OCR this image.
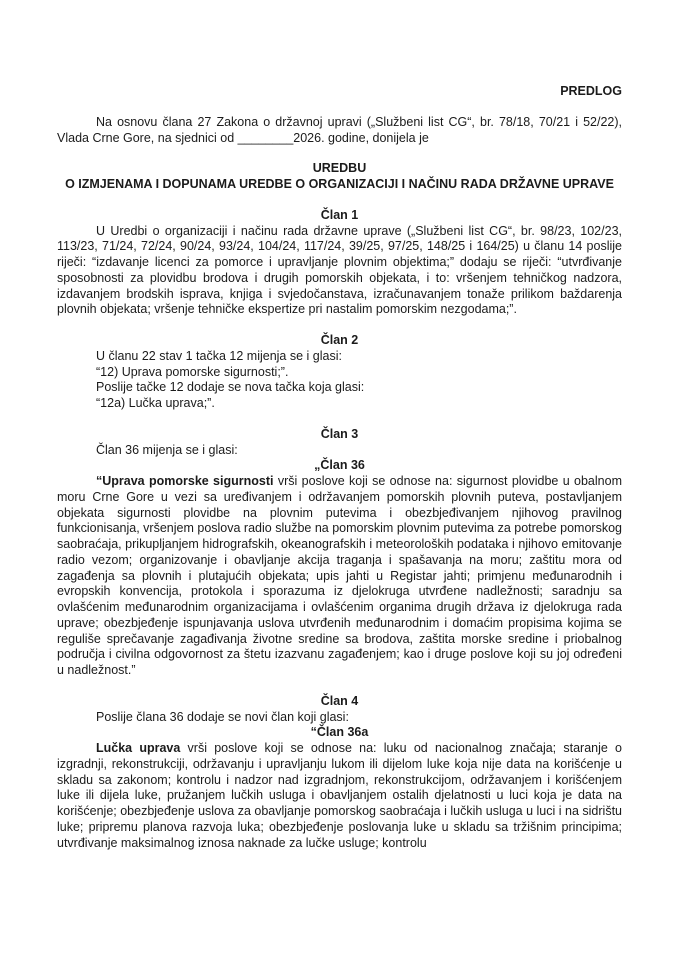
PREDLOG

Na osnovu člana 27 Zakona o državnoj upravi („Službeni list CG“, br. 78/18, 70/21 i 52/22), Vlada Crne Gore, na sjednici od ________2026. godine, donijela je

UREDBU
O IZMJENAMA I DOPUNAMA UREDBE O ORGANIZACIJI I NAČINU RADA DRŽAVNE UPRAVE
Član 1

U Uredbi o organizaciji i načinu rada državne uprave („Službeni list CG“, br. 98/23, 102/23, 113/23, 71/24, 72/24, 90/24, 93/24, 104/24, 117/24, 39/25, 97/25, 148/25 i 164/25) u članu 14 poslije riječi: “izdavanje licenci za pomorce i upravljanje plovnim objektima;” dodaju se riječi: “utvrđivanje sposobnosti za plovidbu brodova i drugih pomorskih objekata, i to: vršenjem tehničkog nadzora, izdavanjem brodskih isprava, knjiga i svjedočanstava, izračunavanjem tonaže prilikom baždarenja plovnih objekata; vršenje tehničke ekspertize pri nastalim pomorskim nezgodama;”.

Član 2

U članu 22 stav 1 tačka 12 mijenja se i glasi:

“12) Uprava pomorske sigurnosti;”.

Poslije tačke 12 dodaje se nova tačka koja glasi:

“12a) Lučka uprava;”.

Član 3

Član 36 mijenja se i glasi:

„Član 36

“Uprava pomorske sigurnosti vrši poslove koji se odnose na: sigurnost plovidbe u obalnom moru Crne Gore u vezi sa uređivanjem i održavanjem pomorskih plovnih puteva, postavljanjem objekata sigurnosti plovidbe na plovnim putevima i obezbjeđivanjem njihovog pravilnog funkcionisanja, vršenjem poslova radio službe na pomorskim plovnim putevima za potrebe pomorskog saobraćaja, prikupljanjem hidrografskih, okeanografskih i meteoroloških podataka i njihovo emitovanje radio vezom; organizovanje i obavljanje akcija traganja i spašavanja na moru; zaštitu mora od zagađenja sa plovnih i plutajućih objekata; upis jahti u Registar jahti; primjenu međunarodnih i evropskih konvencija, protokola i sporazuma iz djelokruga utvrđene nadležnosti; saradnju sa ovlašćenim međunarodnim organizacijama i ovlašćenim organima drugih država iz djelokruga rada uprave; obezbjeđenje ispunjavanja uslova utvrđenih međunarodnim i domaćim propisima kojima se reguliše sprečavanje zagađivanja životne sredine sa brodova, zaštita morske sredine i priobalnog područja i civilna odgovornost za štetu izazvanu zagađenjem; kao i druge poslove koji su joj određeni u nadležnost.”

Član 4

Poslije člana 36 dodaje se novi član koji glasi:

“Član 36a

Lučka uprava vrši poslove koji se odnose na: luku od nacionalnog značaja; staranje o izgradnji, rekonstrukciji, održavanju i upravljanju lukom ili dijelom luke koja nije data na korišćenje u skladu sa zakonom; kontrolu i nadzor nad izgradnjom, rekonstrukcijom, održavanjem i korišćenjem luke ili dijela luke, pružanjem lučkih usluga i obavljanjem ostalih djelatnosti u luci koja je data na korišćenje; obezbjeđenje uslova za obavljanje pomorskog saobraćaja i lučkih usluga u luci i na sidrištu luke; pripremu planova razvoja luka; obezbjeđenje poslovanja luke u skladu sa tržišnim principima; utvrđivanje maksimalnog iznosa naknade za lučke usluge; kontrolu
